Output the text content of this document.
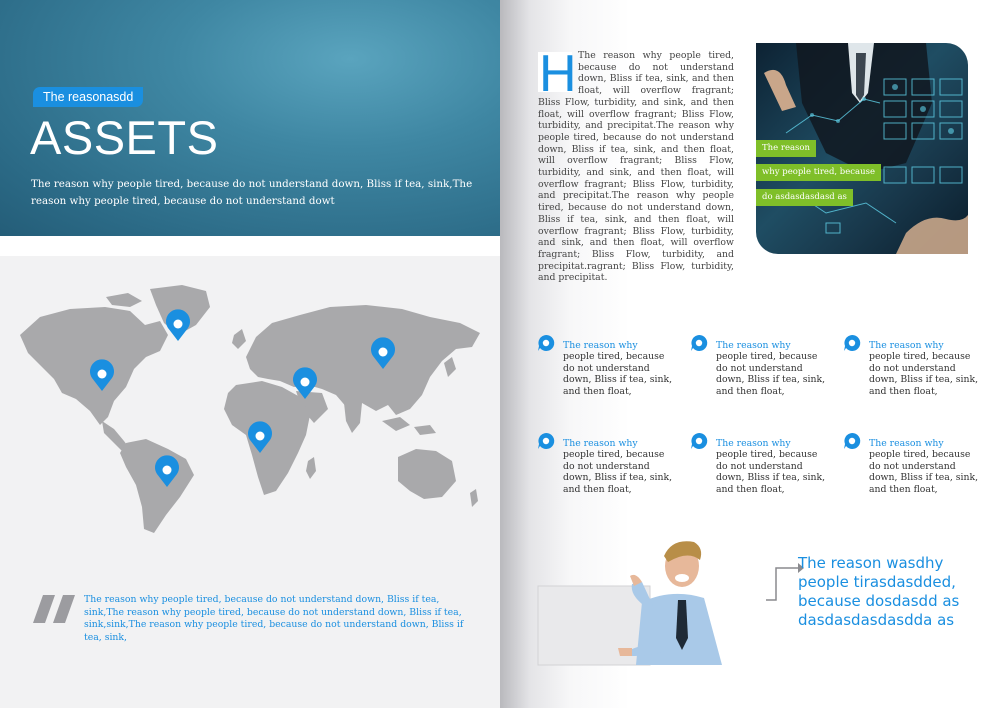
The reasonasdd
ASSETS
The reason why people tired, because do not understand down, Bliss if tea, sink,The reason why people tired, because do not understand dowt
The reason why people tired, because do not understand down, Bliss if tea, sink,The reason why people tired, because do not understand down, Bliss if tea, sink,sink,The reason why people tired, because do not understand down, Bliss if tea, sink,
H The reason why people tired, because do not understand down, Bliss if tea, sink, and then float, will overflow fragrant; Bliss Flow, turbidity, and sink, and then float, will overflow fragrant; Bliss Flow, turbidity, and precipitat.The reason why people tired, because do not understand down, Bliss if tea, sink, and then float, will overflow fragrant; Bliss Flow, turbidity, and sink, and then float, will overflow fragrant; Bliss Flow, turbidity, and precipitat.The reason why people tired, because do not understand down, Bliss if tea, sink, and then float, will overflow fragrant; Bliss Flow, turbidity, and sink, and then float, will overflow fragrant; Bliss Flow, turbidity, and precipitat.ragrant; Bliss Flow, turbidity, and precipitat.
The reason
why people tired, because
do asdasdasdasd as
The reason why
people tired, because do not understand down, Bliss if tea, sink, and then float,
The reason why
people tired, because do not understand down, Bliss if tea, sink, and then float,
The reason why
people tired, because do not understand down, Bliss if tea, sink, and then float,
The reason why
people tired, because do not understand down, Bliss if tea, sink, and then float,
The reason why
people tired, because do not understand down, Bliss if tea, sink, and then float,
The reason why
people tired, because do not understand down, Bliss if tea, sink, and then float,
The reason wasdhy people tirasdasdded, because dosdasdd as dasdasdasdasdda as
